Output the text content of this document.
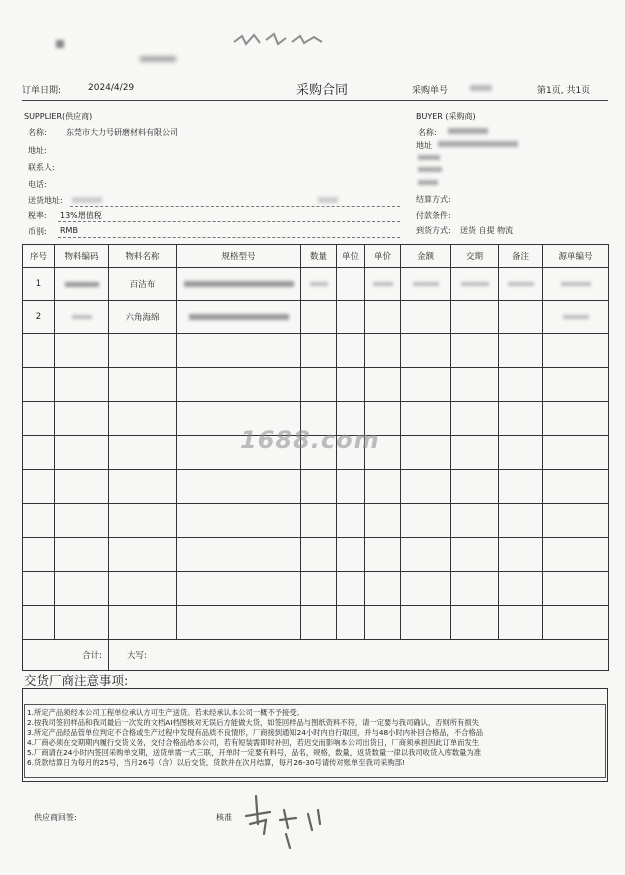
订单日期:	2024/4/29	采购合同	采购单号	第1页, 共1页
SUPPLIER(供应商)
名称: 东莞市大力号研磨材料有限公司
地址:
联系人:
电话:
送货地址:
税率: 13%增值税
币别: RMB
BUYER (采购商)
名称:
地址
结算方式:
付款条件:
到货方式: 送货 自提 物流
序号	物料编码	物料名称	规格型号	数量	单位	单价	金额	交期	备注	源单编号
1		百洁布	

2		六角海绵	

合计:		大写:								
1688.com
交货厂商注意事项:
1.所定产品须经本公司工程单位承认方可生产送货。若未经承认本公司一概不予接受。
2.按我司签回样品和我司最后一次发的文档AI档图核对无误后方能做大货，如签回样品与图纸资料不符，请一定要与我司确认，否则所有损失
3.所定产品经品管单位判定不合格或生产过程中发现有品质不良情形，厂商接到通知24小时内自行取回，并与48小时内补回合格品，不合格品
4.厂商必须在交期期内履行交货义务，交付合格品给本公司，若有短装需即时补回，若迟交而影响本公司出货日，厂商须承担因此订单而发生
5.厂商请在24小时内签回采购单交期，送货单需一式三联，开单时一定要有料号，品名，规格，数量，返货数量一律以我司收货入库数量为准
6.货款结算日为每月的25号，当月26号（含）以后交货，货款并在次月结算，每月26-30号请传对账单至我司采购部!
供应商回签:	核准
